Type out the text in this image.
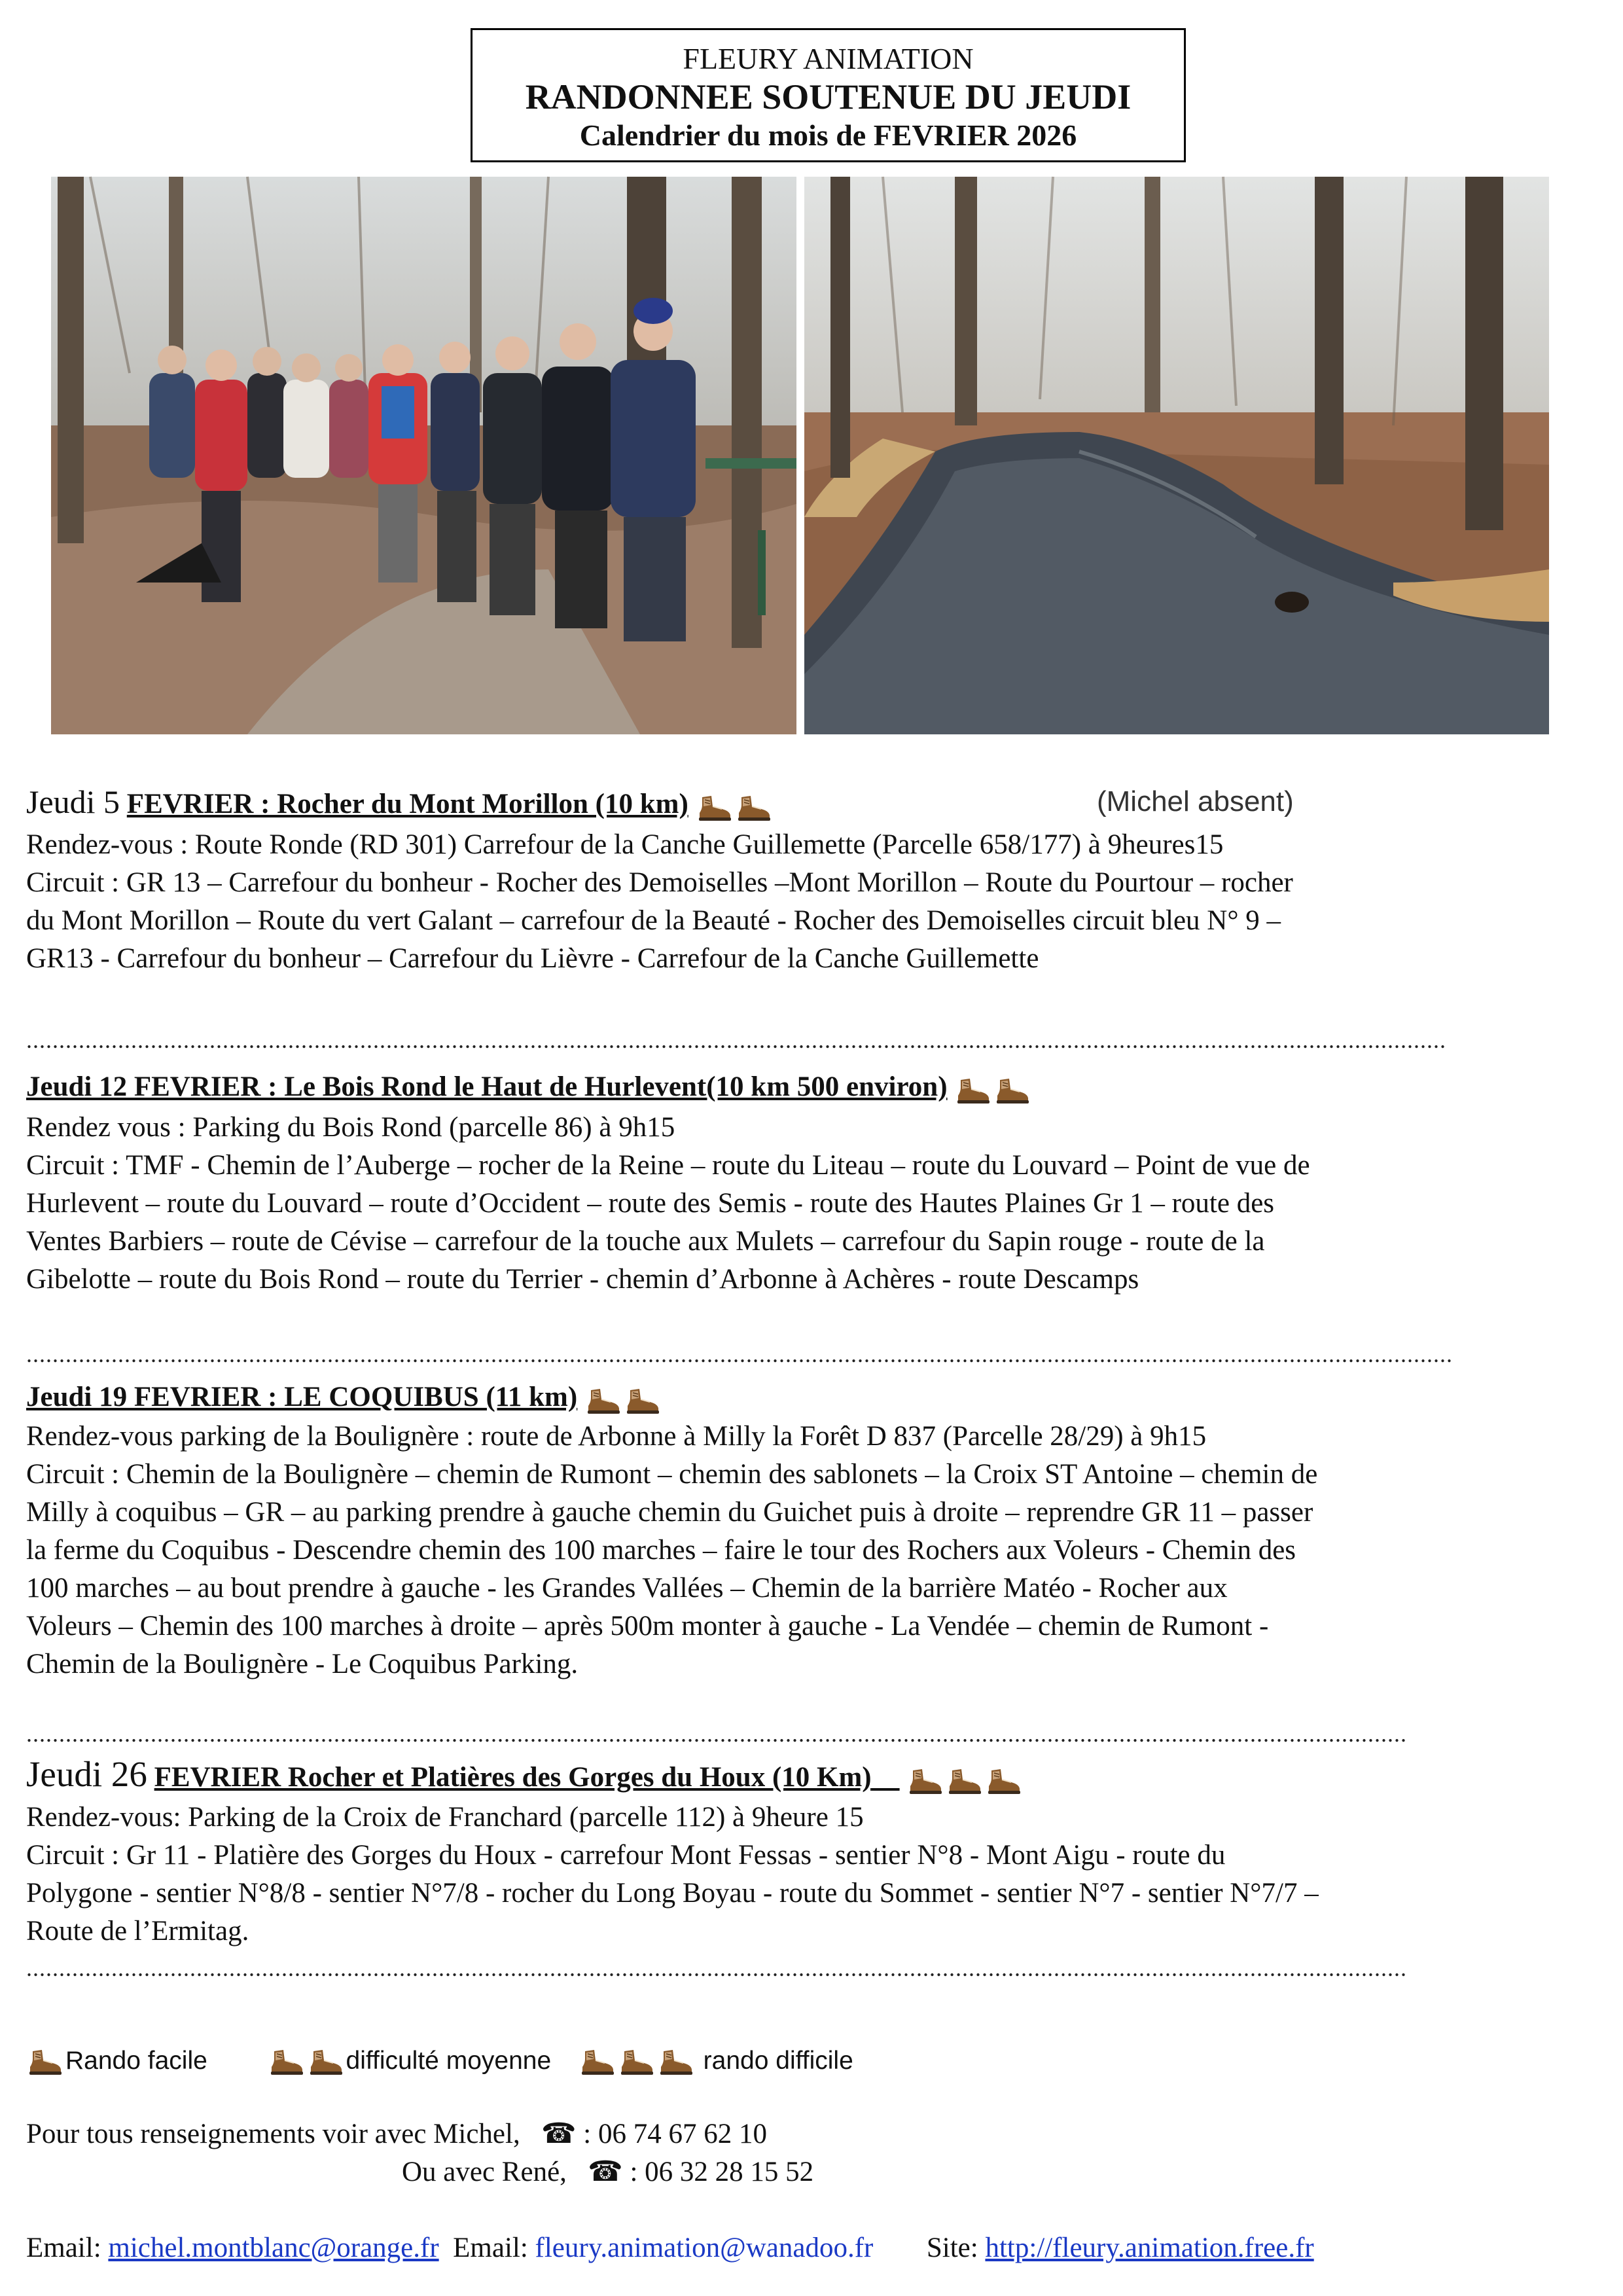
FLEURY ANIMATION
RANDONNEE SOUTENUE DU JEUDI
Calendrier du mois de FEVRIER 2026
Jeudi 5 FEVRIER : Rocher du Mont Morillon (10 km)	(Michel absent)
Rendez-vous : Route Ronde (RD 301) Carrefour de la Canche Guillemette (Parcelle 658/177) à 9heures15
Circuit : GR 13 – Carrefour du bonheur - Rocher des Demoiselles –Mont Morillon – Route du Pourtour – rocher
du Mont Morillon – Route du vert Galant – carrefour de la Beauté - Rocher des Demoiselles circuit bleu N° 9 –
GR13 - Carrefour du bonheur – Carrefour du Lièvre - Carrefour de la Canche Guillemette
.........................................................................................................................................................................................................................
Jeudi 12 FEVRIER : Le Bois Rond le Haut de Hurlevent(10 km 500 environ)
Rendez vous : Parking du Bois Rond (parcelle 86) à 9h15
Circuit : TMF - Chemin de l’Auberge – rocher de la Reine – route du Liteau – route du Louvard – Point de vue de
Hurlevent – route du Louvard – route d’Occident – route des Semis - route des Hautes Plaines Gr 1 – route des
Ventes Barbiers – route de Cévise – carrefour de la touche aux Mulets – carrefour du Sapin rouge - route de la
Gibelotte – route du Bois Rond – route du Terrier - chemin d’Arbonne à Achères - route Descamps
..........................................................................................................................................................................................................................
Jeudi 19 FEVRIER : LE COQUIBUS (11 km)
Rendez-vous parking de la Boulignère : route de Arbonne à Milly la Forêt D 837 (Parcelle 28/29) à 9h15
Circuit : Chemin de la Boulignère – chemin de Rumont – chemin des sablonets – la Croix ST Antoine – chemin de
Milly à coquibus – GR – au parking prendre à gauche chemin du Guichet puis à droite – reprendre GR 11 – passer
la ferme du Coquibus - Descendre chemin des 100 marches – faire le tour des Rochers aux Voleurs - Chemin des
100 marches – au bout prendre à gauche - les Grandes Vallées – Chemin de la barrière Matéo - Rocher aux
Voleurs – Chemin des 100 marches à droite – après 500m monter à gauche - La Vendée – chemin de Rumont -
Chemin de la Boulignère - Le Coquibus Parking.
...................................................................................................................................................................................................................
Jeudi 26 FEVRIER Rocher et Platières des Gorges du Houx (10 Km)
Rendez-vous: Parking de la Croix de Franchard (parcelle 112) à 9heure 15
Circuit : Gr 11 - Platière des Gorges du Houx - carrefour Mont Fessas - sentier N°8 - Mont Aigu - route du
Polygone - sentier N°8/8 - sentier N°7/8 - rocher du Long Boyau - route du Sommet - sentier N°7 - sentier N°7/7 –
Route de l’Ermitag.
...................................................................................................................................................................................................................
Rando facile	difficulté moyenne	rando difficile
Pour tous renseignements voir avec Michel, ☎ : 06 74 67 62 10
Ou avec René, ☎ : 06 32 28 15 52
Email: michel.montblanc@orange.fr Email: fleury.animation@wanadoo.fr Site: http://fleury.animation.free.fr
